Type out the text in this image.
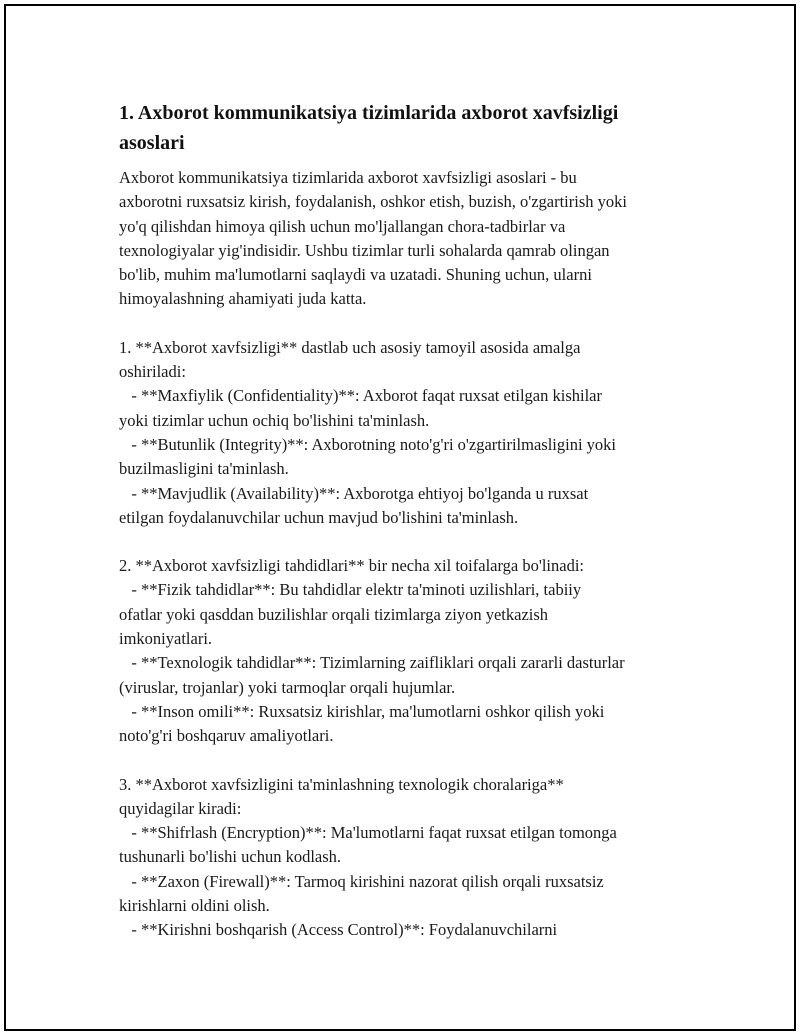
1. Axborot kommunikatsiya tizimlarida axborot xavfsizligi
asoslari
Axborot kommunikatsiya tizimlarida axborot xavfsizligi asoslari - bu
axborotni ruxsatsiz kirish, foydalanish, oshkor etish, buzish, o'zgartirish yoki
yo'q qilishdan himoya qilish uchun mo'ljallangan chora-tadbirlar va
texnologiyalar yig'indisidir. Ushbu tizimlar turli sohalarda qamrab olingan
bo'lib, muhim ma'lumotlarni saqlaydi va uzatadi. Shuning uchun, ularni
himoyalashning ahamiyati juda katta.
1. **Axborot xavfsizligi** dastlab uch asosiy tamoyil asosida amalga
oshiriladi:
- **Maxfiylik (Confidentiality)**: Axborot faqat ruxsat etilgan kishilar
yoki tizimlar uchun ochiq bo'lishini ta'minlash.
- **Butunlik (Integrity)**: Axborotning noto'g'ri o'zgartirilmasligini yoki
buzilmasligini ta'minlash.
- **Mavjudlik (Availability)**: Axborotga ehtiyoj bo'lganda u ruxsat
etilgan foydalanuvchilar uchun mavjud bo'lishini ta'minlash.
2. **Axborot xavfsizligi tahdidlari** bir necha xil toifalarga bo'linadi:
- **Fizik tahdidlar**: Bu tahdidlar elektr ta'minoti uzilishlari, tabiiy
ofatlar yoki qasddan buzilishlar orqali tizimlarga ziyon yetkazish
imkoniyatlari.
- **Texnologik tahdidlar**: Tizimlarning zaifliklari orqali zararli dasturlar
(viruslar, trojanlar) yoki tarmoqlar orqali hujumlar.
- **Inson omili**: Ruxsatsiz kirishlar, ma'lumotlarni oshkor qilish yoki
noto'g'ri boshqaruv amaliyotlari.
3. **Axborot xavfsizligini ta'minlashning texnologik choralariga**
quyidagilar kiradi:
- **Shifrlash (Encryption)**: Ma'lumotlarni faqat ruxsat etilgan tomonga
tushunarli bo'lishi uchun kodlash.
- **Zaxon (Firewall)**: Tarmoq kirishini nazorat qilish orqali ruxsatsiz
kirishlarni oldini olish.
- **Kirishni boshqarish (Access Control)**: Foydalanuvchilarni
